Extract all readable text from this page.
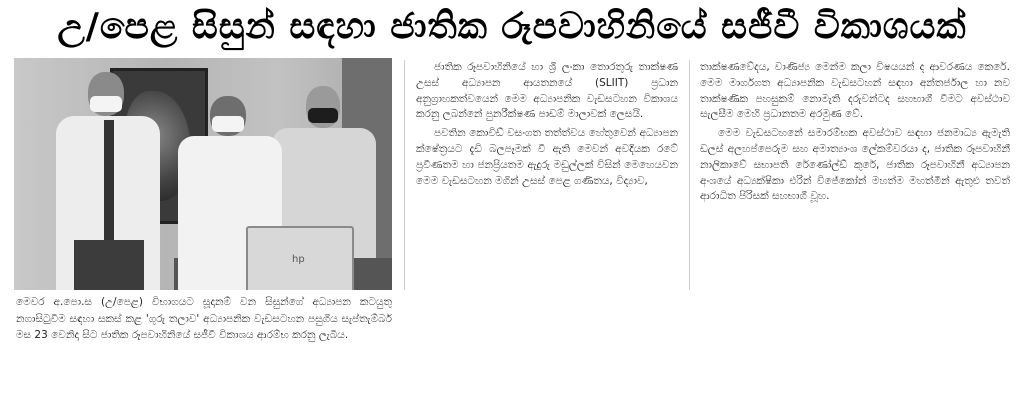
උ/පෙළ සිසුන් සඳහා ජාතික රූපවාහිනියේ සජීවී විකාශයක්
hp
මෙවර අ.පො.ස (උ/පෙළ) විභාගයට සූදානම් වන සිසුන්ගේ අධ්‍යාපන කටයුතු නගාසිටුවීම සඳහා සකස් කළ 'ගුරු තලාව' අධ්‍යාපනික වැඩසටහන පසුගිය සැප්තැම්බර් මස 23 වෙනිදා සිට ජාතික රූපවාහිනියේ සජීවී විකාශය ආරම්භ කරනු ලැබීය.

ජාතික රූපවාහිනියේ හා ශ්‍රී ලංකා තොරතුරු තාක්ෂණ උසස් අධ්‍යාපන ආයතනයේ (SLIIT) ප්‍රධාන අනුග්‍රාහකත්වයෙන් මෙම අධ්‍යාපනික වැඩසටහන විකාශය කරනු ලබන්නේ පුනරීක්ෂණ පාඩම් මාලාවක් ලෙසයි.

පවතින කොවිඩ් වසංගත තත්ත්වය හේතුවෙන් අධ්‍යාපන ක්ෂේත්‍රයට දැඩි බලපෑමක් වී ඇති මෙවන් අවදියක රටේ ප්‍රවීණතම හා ජනප්‍රියතම ඇදුරු මඩුල්ලක් විසින් මෙහෙයවන මෙම වැඩසටහන මගින් උසස් පෙළ ගණිතය, විද්‍යාව,

තාක්ෂණවේදය, වාණිජ්‍ය මෙන්ම කලා විෂයයන් ද ආවරණය කෙරේ. මෙම මාර්ගගත අධ්‍යාපනික වැඩසටහන් සඳහා අන්තර්ජාල හා නව තාක්ෂණික පහසුකම් නොමැති දරුවන්ටද සහභාගී වීමට අවස්ථාව සැලසීම මෙහි ප්‍රධානතම අරමුණ වේ.

මෙම වැඩසටහනේ සමාරම්භක අවස්ථාව සඳහා ජනමාධ්‍ය ඇමැති ඩලස් අලහප්පෙරුම සහ අමාත්‍යාංශ ලේකම්වරයා ද, ජාතික රූපවාහිනී නාලිකාවේ සභාපති රේණෝල්ඩ් කුරේ, ජාතික රූපවාහිනී අධ්‍යාපන අංශයේ අධ්‍යක්ෂිකා එරින් විජේකෝන් මහත්ම මහත්මීන් ඇතුළු තවත් ආරාධිත පිරිසක් සහභාගී වූහ.
